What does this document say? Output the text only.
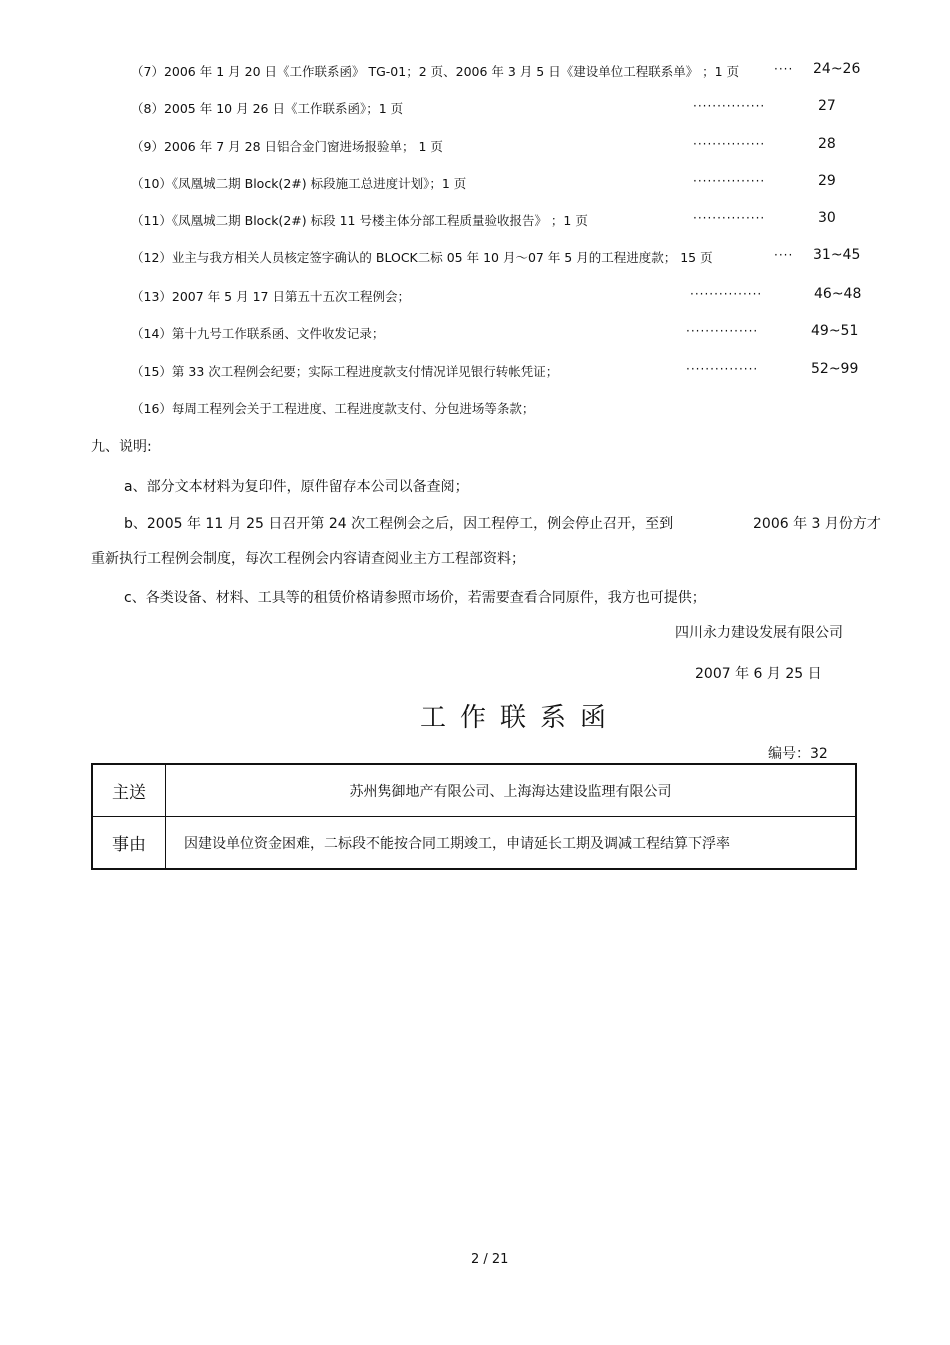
（7）2006 年 1 月 20 日《工作联系函》 TG-01；2 页、2006 年 3 月 5 日《建设单位工程联系单》 ；1 页	···· 24~26
（8）2005 年 10 月 26 日《工作联系函》；1 页	···············	27
（9）2006 年 7 月 28 日铝合金门窗进场报验单； 1 页	···············	28
（10）《凤凰城二期 Block(2#) 标段施工总进度计划》；1 页	···············	29
（11）《凤凰城二期 Block(2#) 标段 11 号楼主体分部工程质量验收报告》 ；1 页	···············	30
（12）业主与我方相关人员核定签字确认的 BLOCK二标 05 年 10 月～07 年 5 月的工程进度款； 15 页	···· 31~45
（13）2007 年 5 月 17 日第五十五次工程例会；	···············	46~48
（14）第十九号工作联系函、文件收发记录；	···············	49~51
（15）第 33 次工程例会纪要；实际工程进度款支付情况详见银行转帐凭证；	···············	52~99
（16）每周工程列会关于工程进度、工程进度款支付、分包进场等条款；
九、说明:
a、部分文本材料为复印件，原件留存本公司以备查阅；
b、2005 年 11 月 25 日召开第 24 次工程例会之后，因工程停工，例会停止召开，至到	2006 年 3 月份方才
重新执行工程例会制度，每次工程例会内容请查阅业主方工程部资料；
c、各类设备、材料、工具等的租赁价格请参照市场价，若需要查看合同原件，我方也可提供；
四川永力建设发展有限公司
2007 年 6 月 25 日
工作联系函
编号：32
主送	苏州隽御地产有限公司、上海海达建设监理有限公司
事由	因建设单位资金困难，二标段不能按合同工期竣工，申请延长工期及调减工程结算下浮率
2 / 21
